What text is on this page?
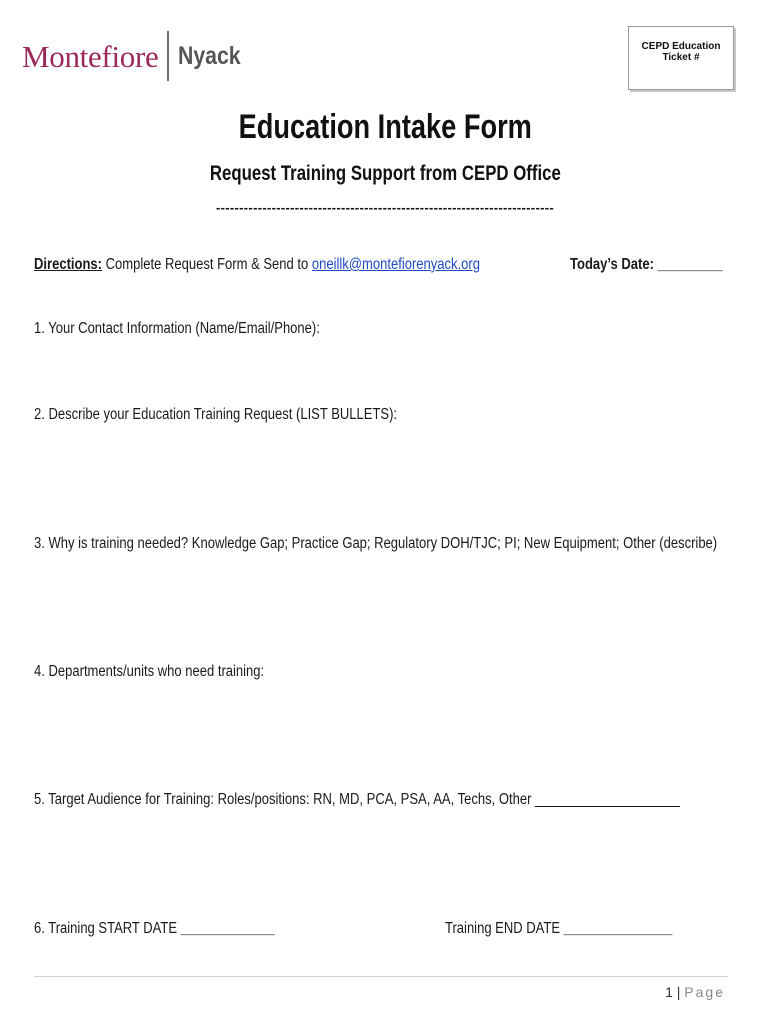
Montefiore Nyack	CEPD Education Ticket #
Education Intake Form
Request Training Support from CEPD Office
-------------------------------------------------------------------------
Directions: Complete Request Form & Send to oneillk@montefiorenyack.org	Today’s Date: _________
1. Your Contact Information (Name/Email/Phone):
2. Describe your Education Training Request (LIST BULLETS):
3. Why is training needed? Knowledge Gap; Practice Gap; Regulatory DOH/TJC; PI; New Equipment; Other (describe)
4. Departments/units who need training:
5. Target Audience for Training: Roles/positions: RN, MD, PCA, PSA, AA, Techs, Other ____________________
6. Training START DATE _____________	Training END DATE _______________
1 | Page
